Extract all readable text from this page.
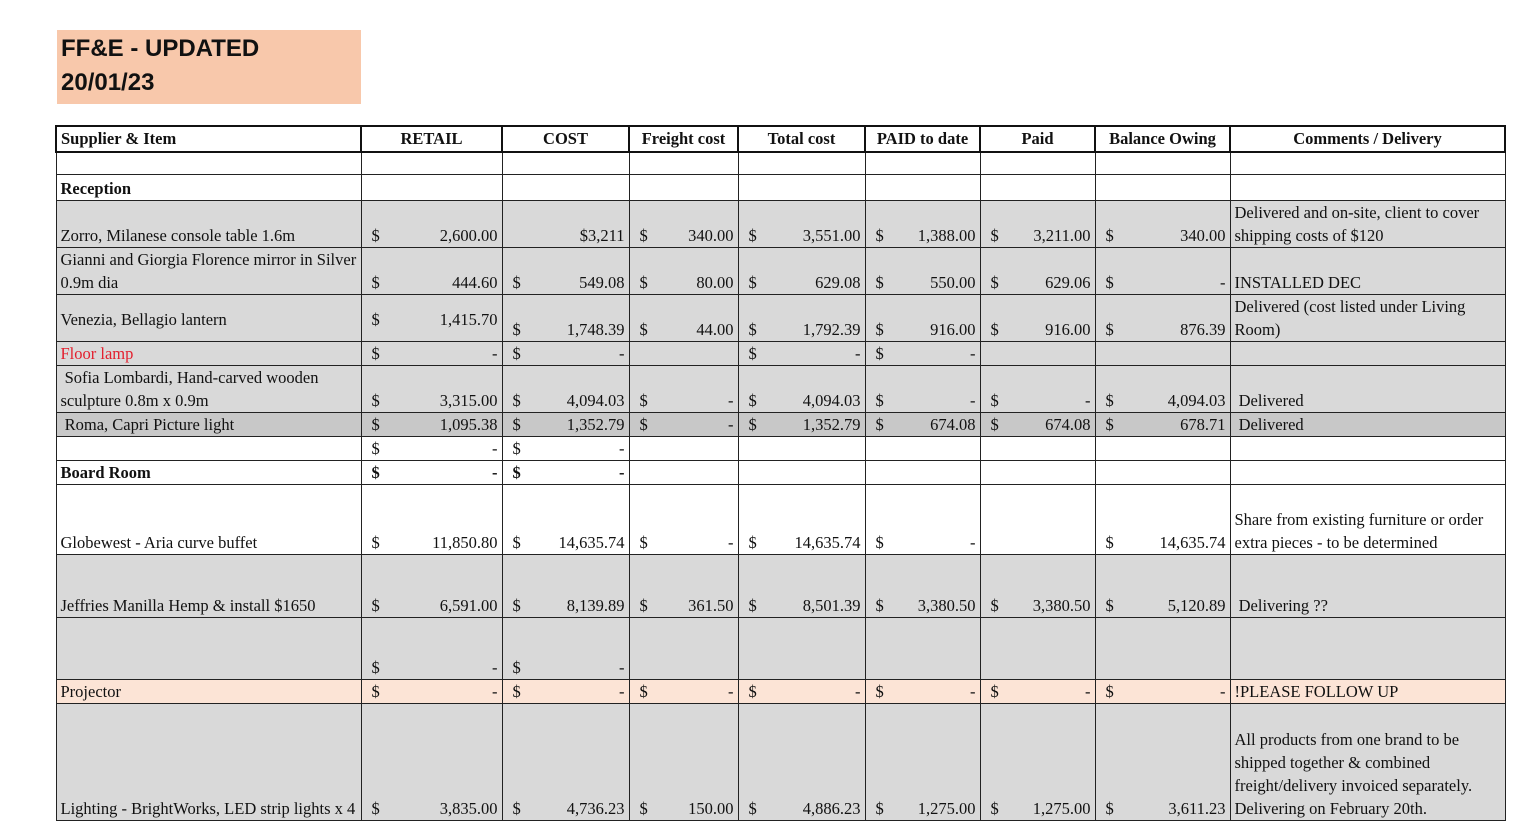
FF&E - UPDATED
20/01/23
Supplier & Item	RETAIL	COST	Freight cost	Total cost	PAID to date	Paid	Balance Owing	Comments / Delivery

Reception								

Zorro, Milanese console table 1.6m	$ 2,600.00	$3,211	$ 340.00	$ 3,551.00	$ 1,388.00	$ 3,211.00	$ 340.00	Delivered and on-site, client to cover shipping costs of $120

Gianni and Giorgia Florence mirror in Silver 0.9m dia	$ 444.60	$ 549.08	$ 80.00	$ 629.08	$ 550.00	$ 629.06	$ -	INSTALLED DEC

Venezia, Bellagio lantern	$ 1,415.70	$ 1,748.39	$ 44.00	$ 1,792.39	$ 916.00	$ 916.00	$ 876.39	Delivered (cost listed under Living Room)

Floor lamp	$ -	$ -		$ -	$ -			

Sofia Lombardi, Hand-carved wooden sculpture 0.8m x 0.9m	$ 3,315.00	$ 4,094.03	$ -	$ 4,094.03	$ -	$ -	$ 4,094.03	Delivered

Roma, Capri Picture light	$ 1,095.38	$ 1,352.79	$ -	$ 1,352.79	$ 674.08	$ 674.08	$ 678.71	Delivered

	$ -	$ -						

Board Room	$ -	$ -						

Globewest - Aria curve buffet	$ 11,850.80	$ 14,635.74	$ -	$ 14,635.74	$ -		$ 14,635.74	Share from existing furniture or order extra pieces - to be determined

Jeffries Manilla Hemp & install $1650	$ 6,591.00	$ 8,139.89	$ 361.50	$ 8,501.39	$ 3,380.50	$ 3,380.50	$ 5,120.89	Delivering ??

	$ -	$ -						

Projector	$ -	$ -	$ -	$ -	$ -	$ -	$ -	!PLEASE FOLLOW UP

Lighting - BrightWorks, LED strip lights x 4	$ 3,835.00	$ 4,736.23	$ 150.00	$ 4,886.23	$ 1,275.00	$ 1,275.00	$ 3,611.23	All products from one brand to be shipped together & combined freight/delivery invoiced separately. Delivering on February 20th.
